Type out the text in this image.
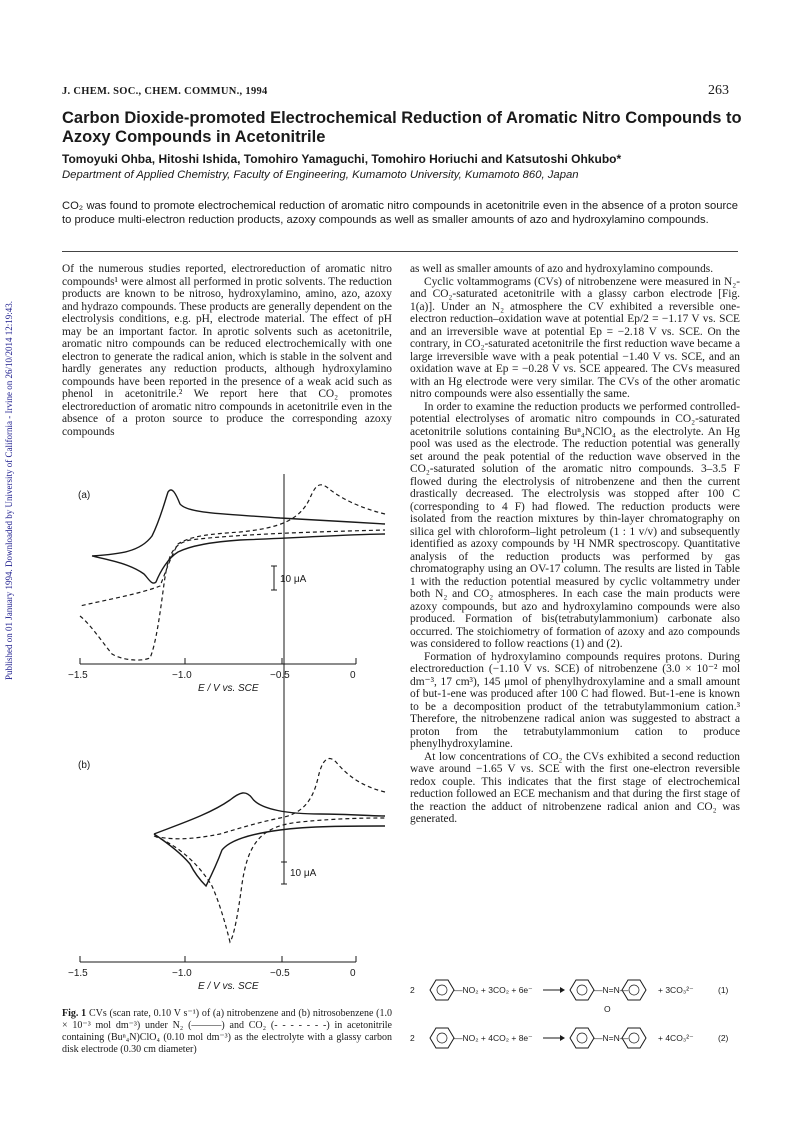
Published on 01 January 1994. Downloaded by University of California - Irvine on 26/10/2014 12:19:43.
J. CHEM. SOC., CHEM. COMMUN., 1994	263
Carbon Dioxide-promoted Electrochemical Reduction of Aromatic Nitro Compounds to Azoxy Compounds in Acetonitrile
Tomoyuki Ohba, Hitoshi Ishida, Tomohiro Yamaguchi, Tomohiro Horiuchi and Katsutoshi Ohkubo*
Department of Applied Chemistry, Faculty of Engineering, Kumamoto University, Kumamoto 860, Japan
CO₂ was found to promote electrochemical reduction of aromatic nitro compounds in acetonitrile even in the absence of a proton source to produce multi-electron reduction products, azoxy compounds as well as smaller amounts of azo and hydroxylamino compounds.

Of the numerous studies reported, electroreduction of aromatic nitro compounds¹ were almost all performed in protic solvents. The reduction products are known to be nitroso, hydroxylamino, amino, azo, azoxy and hydrazo compounds. These products are generally dependent on the electrolysis conditions, e.g. pH, electrode material. The effect of pH may be an important factor. In aprotic solvents such as acetonitrile, aromatic nitro compounds can be reduced electrochemically with one electron to generate the radical anion, which is stable in the solvent and hardly generates any reduction products, although hydroxylamino compounds have been reported in the presence of a weak acid such as phenol in acetonitrile.² We report here that CO₂ promotes electroreduction of aromatic nitro compounds in acetonitrile even in the absence of a proton source to produce the corresponding azoxy compounds

as well as smaller amounts of azo and hydroxylamino compounds.

Cyclic voltammograms (CVs) of nitrobenzene were measured in N₂- and CO₂-saturated acetonitrile with a glassy carbon electrode [Fig. 1(a)]. Under an N₂ atmosphere the CV exhibited a reversible one-electron reduction–oxidation wave at potential Ep/2 = −1.17 V vs. SCE and an irreversible wave at potential Ep = −2.18 V vs. SCE. On the contrary, in CO₂-saturated acetonitrile the first reduction wave became a large irreversible wave with a peak potential −1.40 V vs. SCE, and an oxidation wave at Ep = −0.28 V vs. SCE appeared. The CVs measured with an Hg electrode were very similar. The CVs of the other aromatic nitro compounds were also essentially the same.

In order to examine the reduction products we performed controlled-potential electrolyses of aromatic nitro compounds in CO₂-saturated acetonitrile solutions containing Buⁿ₄NClO₄ as the electrolyte. An Hg pool was used as the electrode. The reduction potential was generally set around the peak potential of the reduction wave observed in the CO₂-saturated solution of the aromatic nitro compounds. 3–3.5 F flowed during the electrolysis of nitrobenzene and then the current drastically decreased. The electrolysis was stopped after 100 C (corresponding to 4 F) had flowed. The reduction products were isolated from the reaction mixtures by thin-layer chromatography on silica gel with chloroform–light petroleum (1 : 1 v/v) and subsequently identified as azoxy compounds by ¹H NMR spectroscopy. Quantitative analysis of the reduction products was performed by gas chromatography using an OV-17 column. The results are listed in Table 1 with the reduction potential measured by cyclic voltammetry under both N₂ and CO₂ atmospheres. In each case the main products were azoxy compounds, but azo and hydroxylamino compounds were also produced. Formation of bis(tetrabutylammonium) carbonate also occurred. The stoichiometry of formation of azoxy and azo compounds was considered to follow reactions (1) and (2).

Formation of hydroxylamino compounds requires protons. During electroreduction (−1.10 V vs. SCE) of nitrobenzene (3.0 × 10⁻² mol dm⁻³, 17 cm³), 145 μmol of phenylhydroxylamine and a small amount of but-1-ene was produced after 100 C had flowed. But-1-ene is known to be a decomposition product of the tetrabutylammonium cation.³ Therefore, the nitrobenzene radical anion was suggested to abstract a proton from the tetrabutylammonium cation to produce phenylhydroxylamine.

At low concentrations of CO₂ the CVs exhibited a second reduction wave around −1.65 V vs. SCE with the first one-electron reversible redox couple. This indicates that the first stage of electrochemical reduction followed an ECE mechanism and that during the first stage of the reaction the adduct of nitrobenzene radical anion and CO₂ was generated.

(a)
10 μA
−1.5	−1.0	−0.5	0
E / V vs. SCE
(b)
10 μA
−1.5	−1.0	−0.5	0
E / V vs. SCE
Fig. 1 CVs (scan rate, 0.10 V s⁻¹) of (a) nitrobenzene and (b) nitrosobenzene (1.0 × 10⁻³ mol dm⁻³) under N₂ (———) and CO₂ (- - - - - - -) in acetonitrile containing (Buⁿ₄N)ClO₄ (0.10 mol dm⁻³) as the electrolyte with a glassy carbon disk electrode (0.30 cm diameter)
2	—NO₂ + 3CO₂ + 6e⁻	—N=N—
O
+ 3CO₃²⁻	(1)
2	—NO₂ + 4CO₂ + 8e⁻	—N=N—	+ 4CO₃²⁻	(2)
